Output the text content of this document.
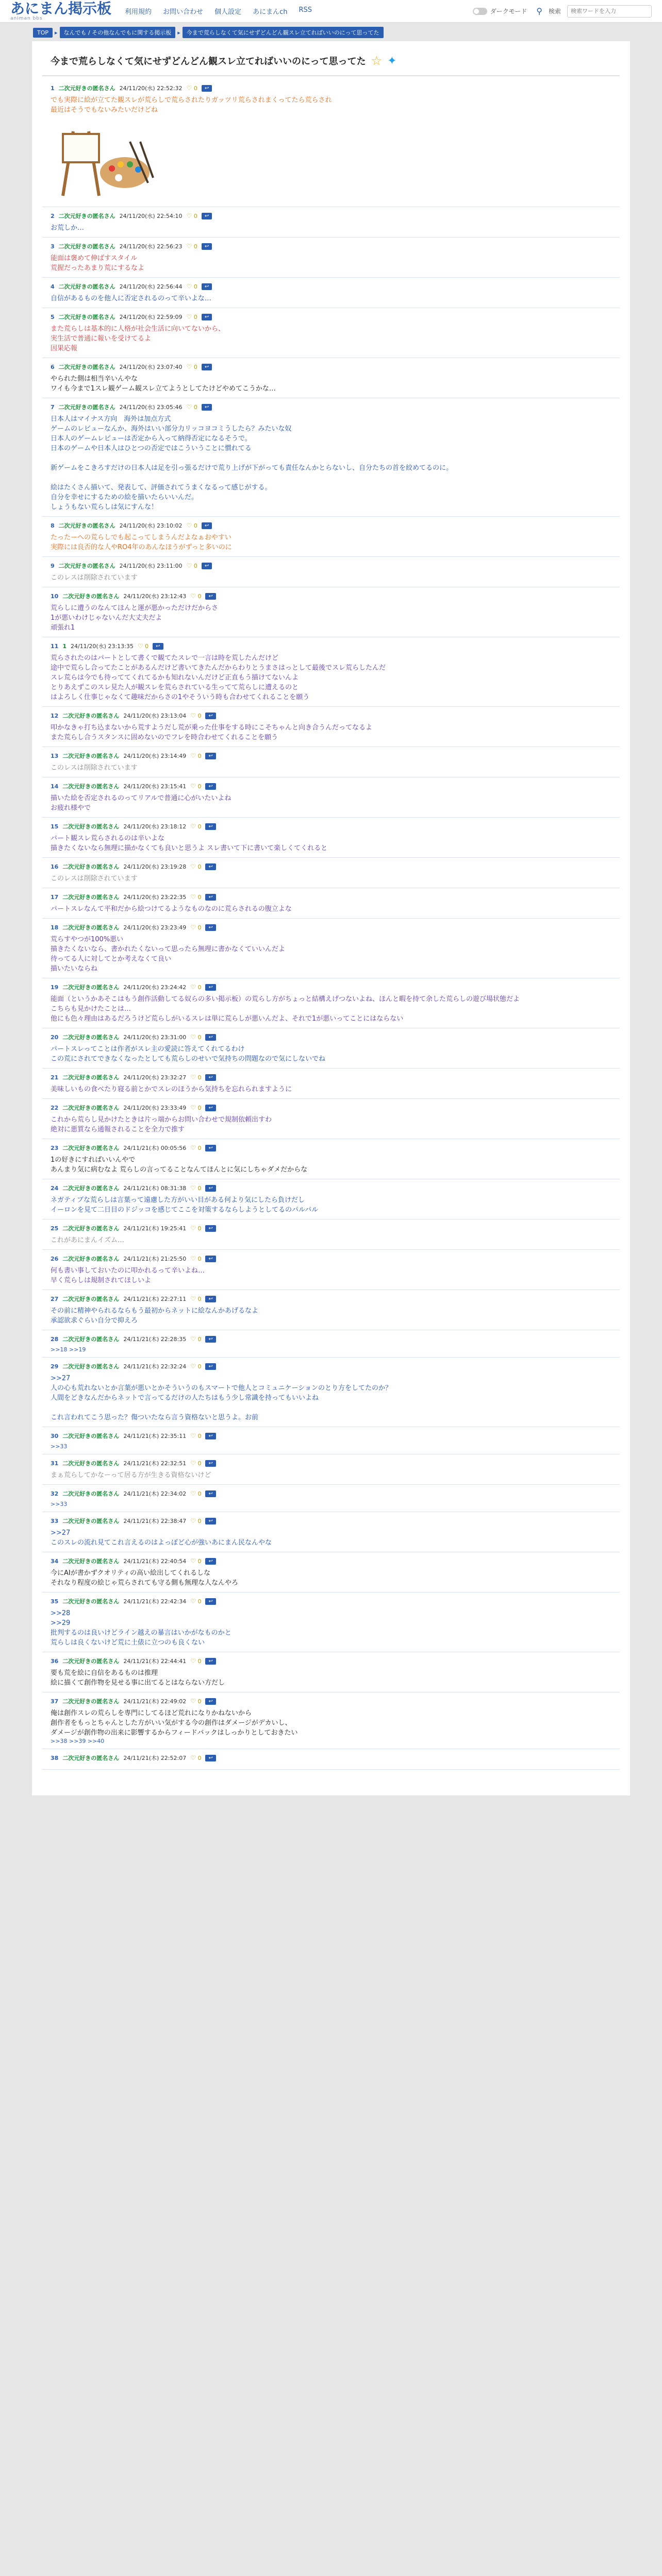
あにまん掲示板
animan bbs
利用規約 お問い合わせ 個人設定 あにまんch RSS	ダークモード ⚲ 検索
検索ワードを入力
TOP	▸	なんでも / その他なんでもに関する掲示板	▸	今まで荒らしなくて気にせずどんどん観スレ立てればいいのにって思ってた
今まで荒らしなくて気にせずどんどん観スレ立てればいいのにって思ってた ☆ ✦
1 二次元好きの匿名さん 24/11/20(水) 22:52:32 ♡ 0	↩
でも実際に絵が立てた観スレが荒らしで荒らされたりガッツリ荒らされまくってたら荒らされ
最近はそうでもないみたいだけどね
2 二次元好きの匿名さん 24/11/20(水) 22:54:10 ♡ 0	↩
お荒しか…
3 二次元好きの匿名さん 24/11/20(水) 22:56:23 ♡ 0	↩
能面は褒めて伸ばすスタイル
荒握だったあまり荒にするなよ
4 二次元好きの匿名さん 24/11/20(水) 22:56:44 ♡ 0	↩
自信があるものを他人に否定されるのって辛いよな…
5 二次元好きの匿名さん 24/11/20(水) 22:59:09 ♡ 0	↩
また荒らしは基本的に人格が社会生活に向いてないから、
実生活で普通に報いを受けてるよ
因果応報
6 二次元好きの匿名さん 24/11/20(水) 23:07:40 ♡ 0	↩
やられた側は相当辛いんやな
ワイも今まで1スレ観ゲーム観スレ立てようとしてたけどやめてこうかな…
7 二次元好きの匿名さん 24/11/20(水) 23:05:46 ♡ 0	↩
日本人はマイナス方向　海外は加点方式
ゲームのレビューなんか、海外はいい部分力リッコヨコミうしたら？みたいな奴
日本人のゲームレビューは否定から入って納得否定になるそうで。
日本のゲームや日本人はひとつの否定ではこういうことに慣れてる

新ゲームをこきろすだけの日本人は足を引っ張るだけで荒り上げが下がっても責任なんかとらないし、自分たちの首を絞めてるのに。

絵はたくさん描いて、発表して、評価されてうまくなるって感じがする。
自分を幸せにするための絵を描いたらいいんだ。
しょうもない荒らしは気にすんな！
8 二次元好きの匿名さん 24/11/20(水) 23:10:02 ♡ 0	↩
たったーへの荒らしでも起こってしまうんだよなぁおやすい
実際には良否的な人やRO4年のあんなほうがずっと多いのに
9 二次元好きの匿名さん 24/11/20(水) 23:11:00 ♡ 0	↩
このレスは削除されています
10 二次元好きの匿名さん 24/11/20(水) 23:12:43 ♡ 0	↩
荒らしに遭うのなんてほんと運が悪かっただけだからさ
1が悪いわけじゃないんだ大丈夫だよ
頑張れ1
11 1 24/11/20(水) 23:13:35 ♡ 0	↩
荒らされたのはパートとして書くで観てたスレで一言は時を荒したんだけど
途中で荒らし合ってたことがあるんだけど書いてきたんだからわりとうまさはっとして最後でスレ荒らしたんだ
スレ荒らは今でも待っててくれてるかも知れないんだけど正直もう描けてないんよ
とりあえずこのスレ見た人が観スレを荒らされている生ってて荒らしに遭えるのと
はよろしく仕事じゃなくて趣味だからさの1やそういう時も合わせてくれることを願う
12 二次元好きの匿名さん 24/11/20(水) 23:13:04 ♡ 0	↩
叩かなきゃ打ち込まないから荒すようだし荒が乗った仕事をする時にこそちゃんと向き合うんだってなるよ
また荒らし合うスタンスに固めないのでフレを時合わせてくれることを願う
13 二次元好きの匿名さん 24/11/20(水) 23:14:49 ♡ 0	↩
このレスは削除されています
14 二次元好きの匿名さん 24/11/20(水) 23:15:41 ♡ 0	↩
描いた絵を否定されるのってリアルで普通に心がいたいよね
お疲れ様やで
15 二次元好きの匿名さん 24/11/20(水) 23:18:12 ♡ 0	↩
パート観スレ荒らされるのは辛いよな
描きたくないなら無理に描かなくても良いと思うよ スレ書いて下に書いて楽しくてくれると
16 二次元好きの匿名さん 24/11/20(水) 23:19:28 ♡ 0	↩
このレスは削除されています
17 二次元好きの匿名さん 24/11/20(水) 23:22:35 ♡ 0	↩
パートスレなんて平和だから絵つけてるようなものなのに荒らされるの腹立よな
18 二次元好きの匿名さん 24/11/20(水) 23:23:49 ♡ 0	↩
荒らすやつが100%悪い
描きたくないなら、書かれたくないって思ったら無理に書かなくていいんだよ
待ってる人に対してとか考えなくて良い
描いたいならね
19 二次元好きの匿名さん 24/11/20(水) 23:24:42 ♡ 0	↩
能面（というかあそこはもう創作活動してる奴らの多い掲示板）の荒らし方がちょっと結構えげつないよね、ほんと暇を持て余した荒らしの遊び場状態だよ
こちらも見かけたことは…
他にも色々理由はあるだろうけど荒らしがいるスレは単に荒らしが悪いんだよ、それで1が悪いってことにはならない
20 二次元好きの匿名さん 24/11/20(水) 23:31:00 ♡ 0	↩
パートスレってことは作者がスレ主の愛読に答えてくれてるわけ
この荒にされてできなくなったとしても荒らしのせいで気持ちの問題なので気にしないでね
21 二次元好きの匿名さん 24/11/20(水) 23:32:27 ♡ 0	↩
美味しいもの食べたり寝る前とかでスレのほうから気持ちを忘れられますように
22 二次元好きの匿名さん 24/11/20(水) 23:33:49 ♡ 0	↩
これから荒らし見かけたときは片っ端からお問い合わせで規制依頼出すわ
絶対に悪質なら通報されることを全力で推す
23 二次元好きの匿名さん 24/11/21(木) 00:05:56 ♡ 0	↩
1の好きにすればいいんやで
あんまり気に病むなよ 荒らしの言ってることなんてほんとに気にしちゃダメだからな
24 二次元好きの匿名さん 24/11/21(木) 08:31:38 ♡ 0	↩
ネガティブな荒らしは言葉って遠慮した方がいい目がある何より気にしたら負けだし
イーロンを見て二日目のドジッコを感じてここを対策するならしようとしてるのパルパル
25 二次元好きの匿名さん 24/11/21(木) 19:25:41 ♡ 0	↩
これがあにまんイズム…
26 二次元好きの匿名さん 24/11/21(木) 21:25:50 ♡ 0	↩
何も書い事しておいたのに叩かれるって辛いよね…
早く荒らしは規制されてほしいよ
27 二次元好きの匿名さん 24/11/21(木) 22:27:11 ♡ 0	↩
その前に精神やられるならもう最初からネットに絵なんかあげるなよ
承認欲求ぐらい自分で抑えろ
28 二次元好きの匿名さん 24/11/21(木) 22:28:35 ♡ 0	↩
>>18 >>19
29 二次元好きの匿名さん 24/11/21(木) 22:32:24 ♡ 0	↩
>>27
人の心も荒れないとか言葉が悪いとかそういうのもスマートで他人とコミュニケーションのとり方をしてたのか？
人間をどきなんだからネットで言ってるだけの人たちはもう少し常識を持ってもいいよね

これ言われてこう思った？傷ついたなら言う資格ないと思うよ。お前
30 二次元好きの匿名さん 24/11/21(木) 22:35:11 ♡ 0	↩
>>33
31 二次元好きの匿名さん 24/11/21(木) 22:32:51 ♡ 0	↩
まぁ荒らしてかなーって居る方が生きる資格ないけど
32 二次元好きの匿名さん 24/11/21(木) 22:34:02 ♡ 0	↩
>>33
33 二次元好きの匿名さん 24/11/21(木) 22:38:47 ♡ 0	↩
>>27
このスレの流れ見てこれ言えるのはよっぽど心が強いあにまん民なんやな
34 二次元好きの匿名さん 24/11/21(木) 22:40:54 ♡ 0	↩
今にAIが書かずクオリティの高い絵出してくれるしな
それなり程度の絵じゃ荒らされても守る側も無理な人なんやろ
35 二次元好きの匿名さん 24/11/21(木) 22:42:34 ♡ 0	↩
>>28
>>29
批判するのは良いけどライン越えの暴言はいかがなものかと
荒らしは良くないけど荒に土俵に立つのも良くない
36 二次元好きの匿名さん 24/11/21(木) 22:44:41 ♡ 0	↩
要も荒を絵に自信をあるものは推理
絵に描くて創作物を見せる事に出てるとはならない方だし
37 二次元好きの匿名さん 24/11/21(木) 22:49:02 ♡ 0	↩
俺は創作スレの荒らしを専門にしてるほど荒れになりかねないから
創作者をもっとちゃんとした方がいい気がする今の創作はダメージがデカいし、
ダメージが創作物の出来に影響するからフィードバックはしっかりとしておきたい
>>38 >>39 >>40
38 二次元好きの匿名さん 24/11/21(木) 22:52:07 ♡ 0	↩
